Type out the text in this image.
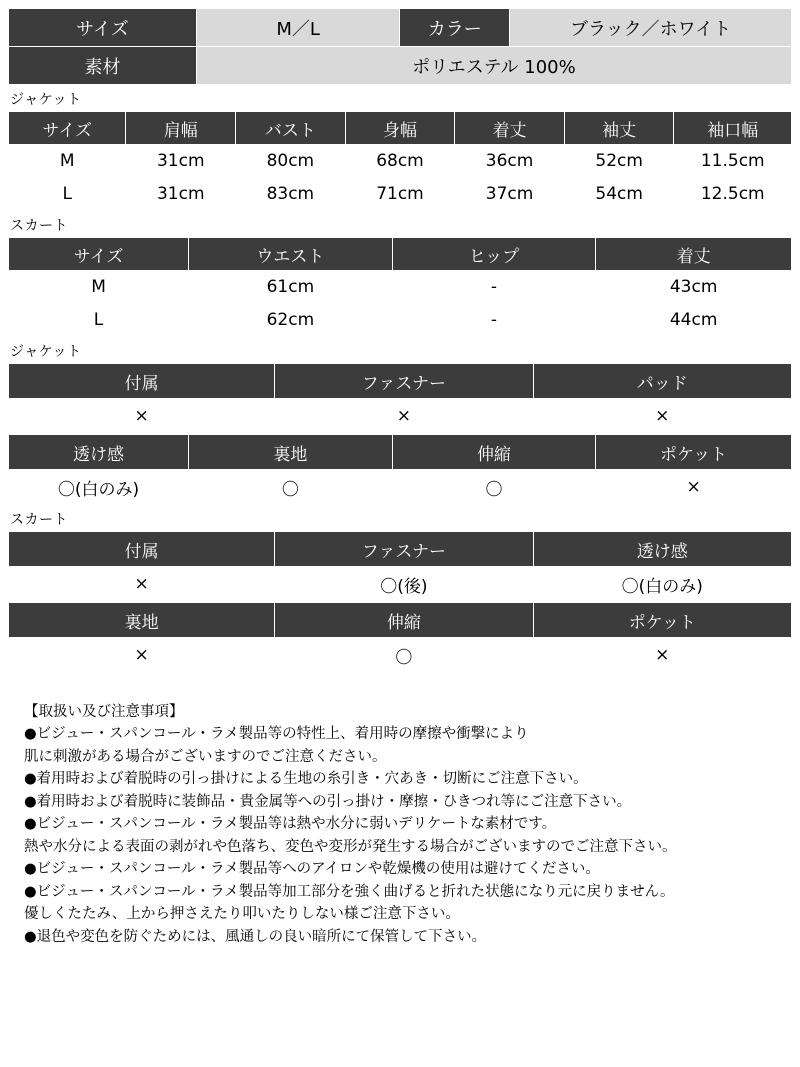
サイズ	M／L	カラー	ブラック／ホワイト
素材	ポリエステル 100%		
ジャケット
サイズ	肩幅	バスト	身幅	着丈	袖丈	袖口幅
M	31cm	80cm	68cm	36cm	52cm	11.5cm
L	31cm	83cm	71cm	37cm	54cm	12.5cm
スカート
サイズ	ウエスト	ヒップ	着丈
M	61cm	-	43cm
L	62cm	-	44cm
ジャケット
付属	ファスナー	パッド
×	×	×
透け感	裏地	伸縮	ポケット
〇(白のみ)	〇	〇	×
スカート
付属	ファスナー	透け感
×	〇(後)	〇(白のみ)
裏地	伸縮	ポケット
×	〇	×
【取扱い及び注意事項】
●ビジュー・スパンコール・ラメ製品等の特性上、着用時の摩擦や衝撃により
肌に刺激がある場合がございますのでご注意ください。
●着用時および着脱時の引っ掛けによる生地の糸引き・穴あき・切断にご注意下さい。
●着用時および着脱時に装飾品・貴金属等への引っ掛け・摩擦・ひきつれ等にご注意下さい。
●ビジュー・スパンコール・ラメ製品等は熱や水分に弱いデリケートな素材です。
熱や水分による表面の剥がれや色落ち、変色や変形が発生する場合がございますのでご注意下さい。
●ビジュー・スパンコール・ラメ製品等へのアイロンや乾燥機の使用は避けてください。
●ビジュー・スパンコール・ラメ製品等加工部分を強く曲げると折れた状態になり元に戻りません。
優しくたたみ、上から押さえたり叩いたりしない様ご注意下さい。
●退色や変色を防ぐためには、風通しの良い暗所にて保管して下さい。
